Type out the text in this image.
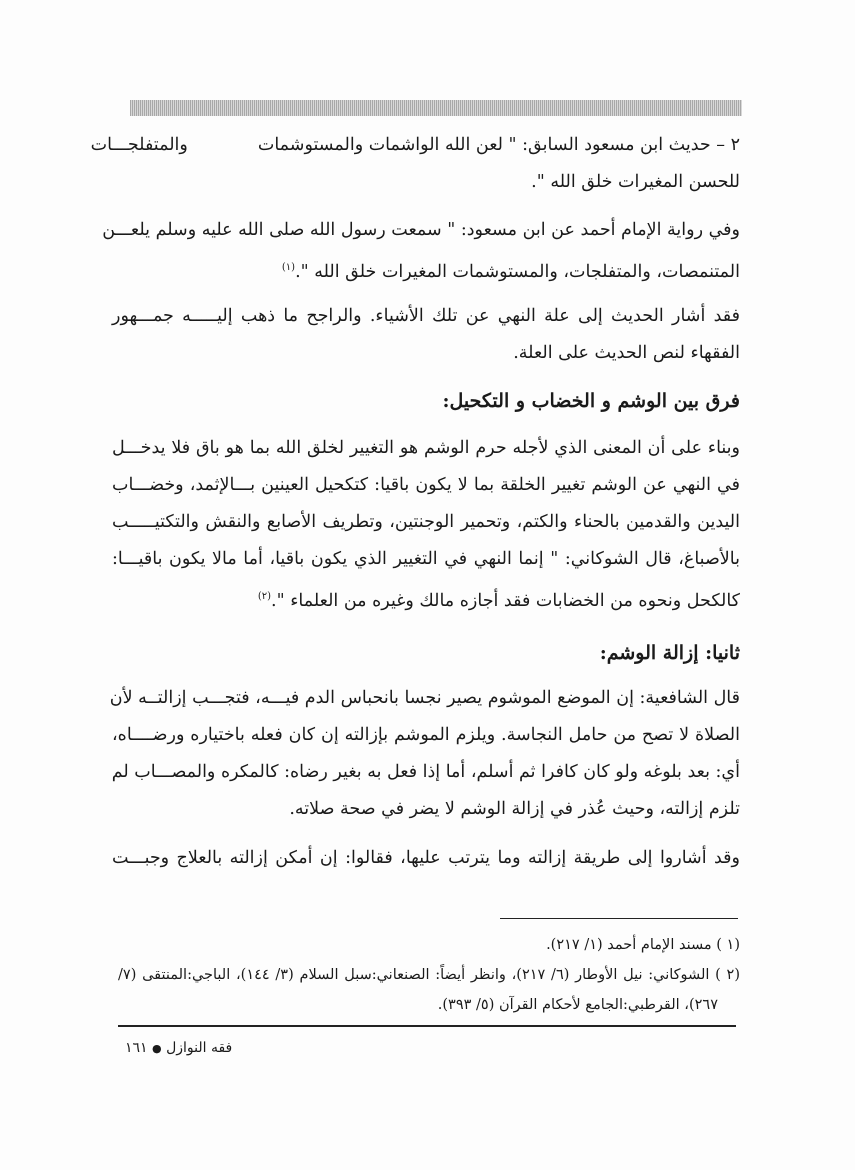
٢ – حديث ابن مسعود السابق: " لعن الله الواشمات والمستوشماتوالمتفلجـــات
للحسن المغيرات خلق الله ".
وفي رواية الإمام أحمد عن ابن مسعود: " سمعت رسول الله صلى الله عليه وسلم يلعـــن
المتنمصات، والمتفلجات، والمستوشمات المغيرات خلق الله ".$^{(١)}$
فقد أشار الحديث إلى علة النهي عن تلك الأشياء. والراجح ما ذهب إليـــــه جمـــهور
الفقهاء لنص الحديث على العلة.
فرق بين الوشم و الخضاب و التكحيل:
وبناء على أن المعنى الذي لأجله حرم الوشم هو التغيير لخلق الله بما هو باق فلا يدخـــل
في النهي عن الوشم تغيير الخلقة بما لا يكون باقيا: كتكحيل العينين بـــالإثمد، وخضـــاب
اليدين والقدمين بالحناء والكتم، وتحمير الوجنتين، وتطريف الأصابع والنقش والتكتيـــــب
بالأصباغ، قال الشوكاني: " إنما النهي في التغيير الذي يكون باقيا، أما مالا يكون باقيـــا:
كالكحل ونحوه من الخضابات فقد أجازه مالك وغيره من العلماء ".$^{(٢)}$
ثانيا: إزالة الوشم:
قال الشافعية: إن الموضع الموشوم يصير نجسا بانحباس الدم فيـــه، فتجـــب إزالتــه لأن
الصلاة لا تصح من حامل النجاسة. ويلزم الموشم بإزالته إن كان فعله باختياره ورضــــاه،
أي: بعد بلوغه ولو كان كافرا ثم أسلم، أما إذا فعل به بغير رضاه: كالمكره والمصـــاب لم
تلزم إزالته، وحيث عُذر في إزالة الوشم لا يضر في صحة صلاته.
وقد أشاروا إلى طريقة إزالته وما يترتب عليها، فقالوا: إن أمكن إزالته بالعلاج وجبـــت
(١ ) مسند الإمام أحمد (١/ ٢١٧).
(٢ ) الشوكاني: نيل الأوطار (٦/ ٢١٧)، وانظر أيضاً: الصنعاني:سبل السلام (٣/ ١٤٤)، الباجي:المنتقى (٧/
٢٦٧)، القرطبي:الجامع لأحكام القرآن (٥/ ٣٩٣).
فقه النوازل ● ١٦١
